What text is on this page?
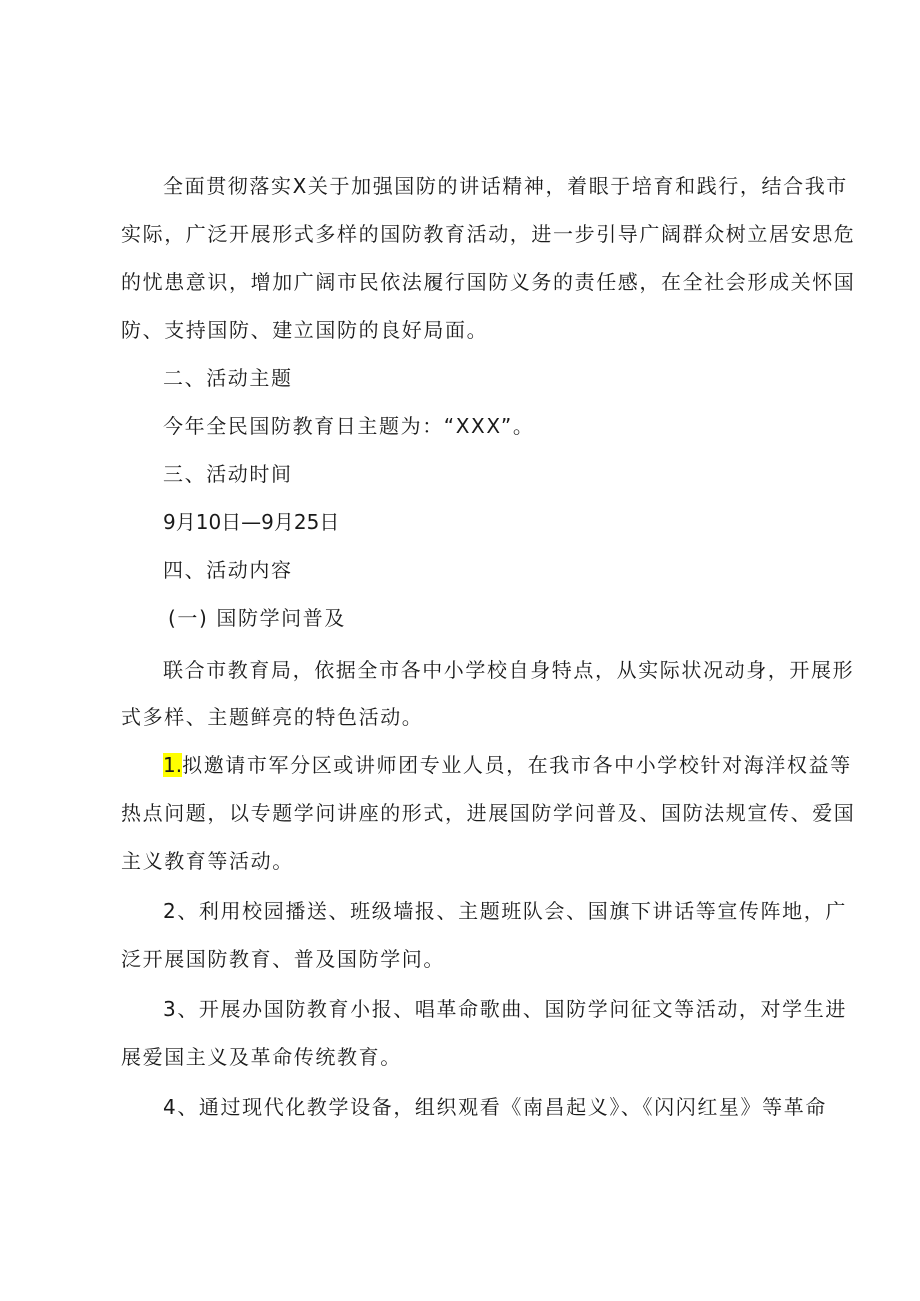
全面贯彻落实X关于加强国防的讲话精神，着眼于培育和践行，结合我市
实际，广泛开展形式多样的国防教育活动，进一步引导广阔群众树立居安思危
的忧患意识，增加广阔市民依法履行国防义务的责任感，在全社会形成关怀国
防、支持国防、建立国防的良好局面。
二、活动主题
今年全民国防教育日主题为：“XXX”。
三、活动时间
9月10日—9月25日
四、活动内容
(一) 国防学问普及
联合市教育局，依据全市各中小学校自身特点，从实际状况动身，开展形
式多样、主题鲜亮的特色活动。
1.拟邀请市军分区或讲师团专业人员，在我市各中小学校针对海洋权益等
热点问题，以专题学问讲座的形式，进展国防学问普及、国防法规宣传、爱国
主义教育等活动。
2、利用校园播送、班级墙报、主题班队会、国旗下讲话等宣传阵地，广
泛开展国防教育、普及国防学问。
3、开展办国防教育小报、唱革命歌曲、国防学问征文等活动，对学生进
展爱国主义及革命传统教育。
4、通过现代化教学设备，组织观看《南昌起义》、《闪闪红星》等革命
